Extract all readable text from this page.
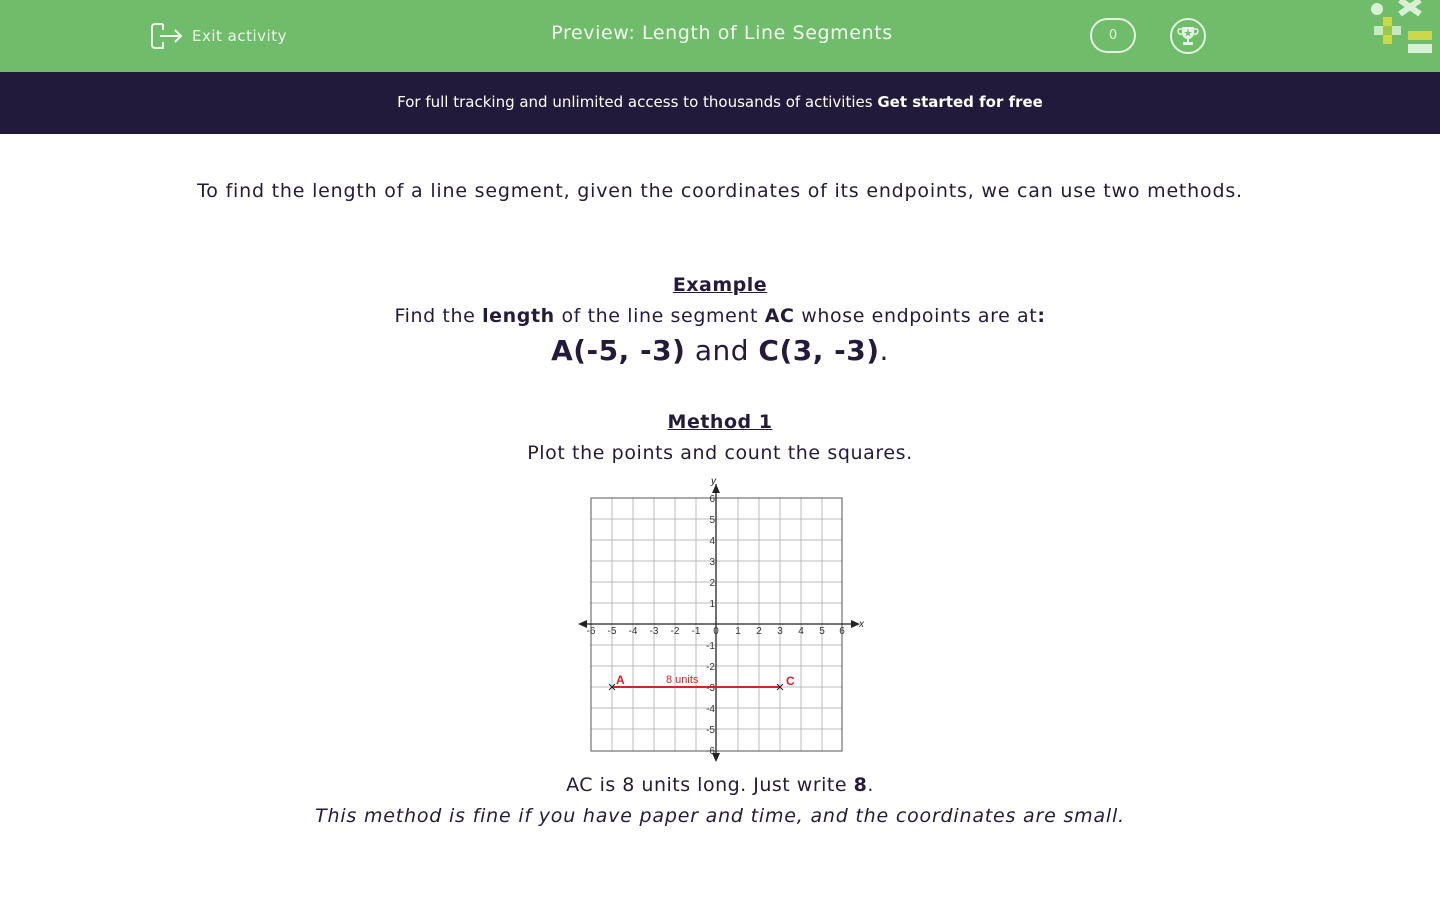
Exit activity	Preview: Length of Line Segments	0
For full tracking and unlimited access to thousands of activities Get started for free
To find the length of a line segment, given the coordinates of its endpoints, we can use two methods.
Example
Find the length of the line segment AC whose endpoints are at:
A(-5, -3) and C(3, -3).
Method 1
Plot the points and count the squares.
x
y
-6 -5 -4 -3 -2 -1 0 1 2 3 4 5 6
6
5
4
3
2
1
-1
-2
-3
-4
-5
-6
A	C
8 units
AC is 8 units long. Just write 8.
This method is fine if you have paper and time, and the coordinates are small.
